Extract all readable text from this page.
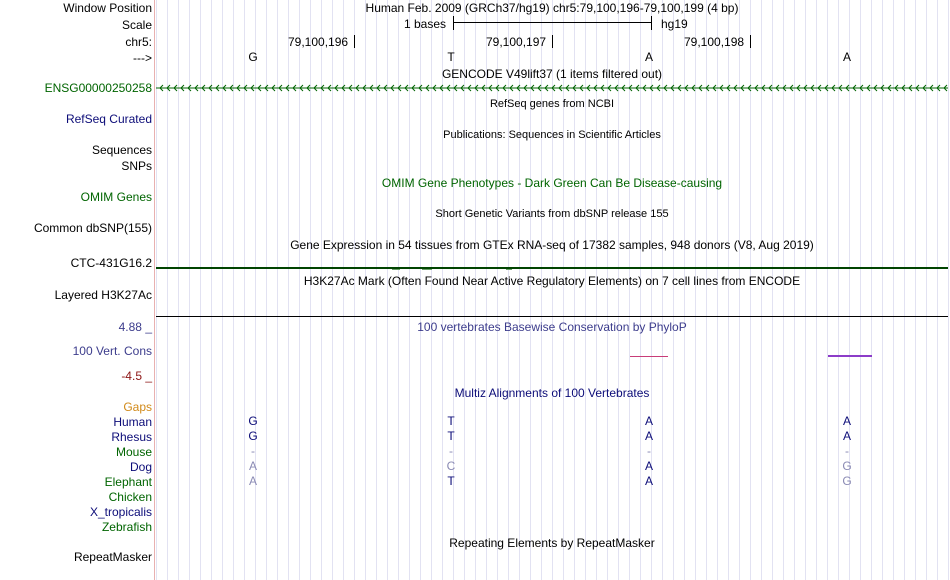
Window Position	Human Feb. 2009 (GRCh37/hg19) chr5:79,100,196-79,100,199 (4 bp)
Scale	1 bases	hg19
chr5:	79,100,196	79,100,197	79,100,198
--->	G	T	A	A
GENCODE V49lift37 (1 items filtered out)
ENSG00000250258
RefSeq genes from NCBI
RefSeq Curated
Publications: Sequences in Scientific Articles
Sequences
SNPs
OMIM Gene Phenotypes - Dark Green Can Be Disease-causing
OMIM Genes
Short Genetic Variants from dbSNP release 155
Common dbSNP(155)
Gene Expression in 54 tissues from GTEx RNA-seq of 17382 samples, 948 donors (V8, Aug 2019)
CTC-431G16.2
H3K27Ac Mark (Often Found Near Active Regulatory Elements) on 7 cell lines from ENCODE
Layered H3K27Ac
100 vertebrates Basewise Conservation by PhyloP
4.88 _
100 Vert. Cons
-4.5 _
Multiz Alignments of 100 Vertebrates
Gaps
Human	G	T	A	A
Rhesus	G	T	A	A
Mouse	-	-	-	-
Dog	A	C	A	G
Elephant	A	T	A	G
Chicken
X_tropicalis
Zebrafish
Repeating Elements by RepeatMasker
RepeatMasker
